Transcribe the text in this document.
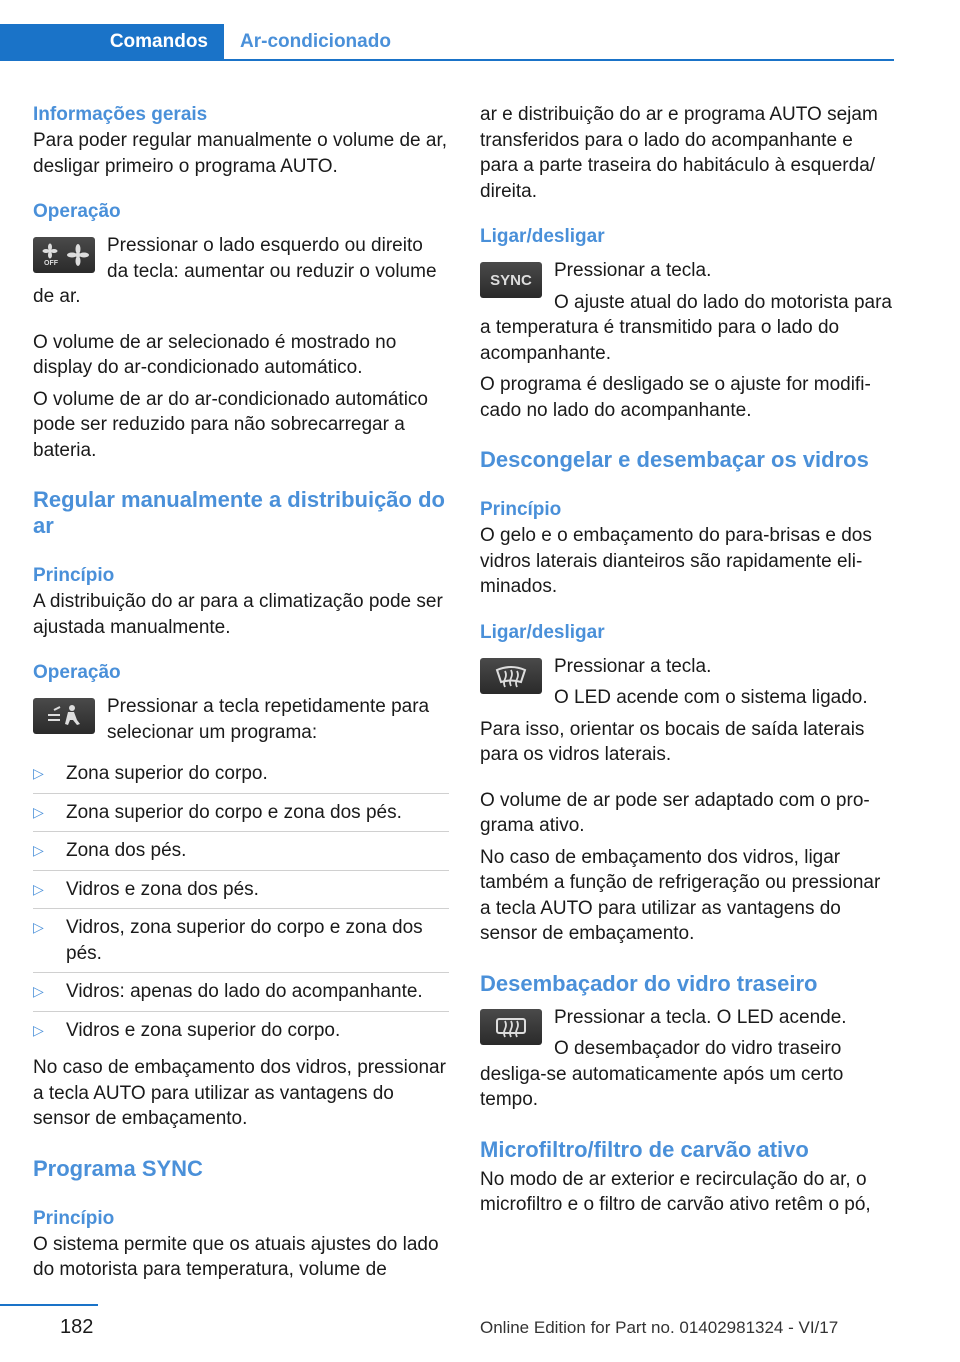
Comandos	Ar-condicionado

Informações gerais

Para poder regular manualmente o volume de ar, desligar primeiro o programa AUTO.

Operação

OFF

Pressionar o lado esquerdo ou direito da tecla: aumentar ou reduzir o volume de ar.

O volume de ar selecionado é mostrado no display do ar-condicionado automático.

O volume de ar do ar-condicionado automático pode ser reduzido para não sobrecarregar a bateria.

Regular manualmente a distribuição do ar

Princípio

A distribuição do ar para a climatização pode ser ajustada manualmente.

Operação

Pressionar a tecla repetidamente para selecionar um programa:

▷ Zona superior do corpo.
▷ Zona superior do corpo e zona dos pés.
▷ Zona dos pés.
▷ Vidros e zona dos pés.
▷ Vidros, zona superior do corpo e zona dos pés.
▷ Vidros: apenas do lado do acompanhante.
▷ Vidros e zona superior do corpo.

No caso de embaçamento dos vidros, pressionar a tecla AUTO para utilizar as vantagens do sensor de embaçamento.

Programa SYNC

Princípio

O sistema permite que os atuais ajustes do lado do motorista para temperatura, volume de

ar e distribuição do ar e programa AUTO sejam transferidos para o lado do acompanhante e para a parte traseira do habitáculo à esquerda/ direita.

Ligar/desligar

SYNC	Pressionar a tecla.

O ajuste atual do lado do motorista para a temperatura é transmitido para o lado do acompanhante.

O programa é desligado se o ajuste for modificado no lado do acompanhante.

Descongelar e desembaçar os vidros

Princípio

O gelo e o embaçamento do para-brisas e dos vidros laterais dianteiros são rapidamente eliminados.

Ligar/desligar

Pressionar a tecla.

O LED acende com o sistema ligado.

Para isso, orientar os bocais de saída laterais para os vidros laterais.

O volume de ar pode ser adaptado com o programa ativo.

No caso de embaçamento dos vidros, ligar também a função de refrigeração ou pressionar a tecla AUTO para utilizar as vantagens do sensor de embaçamento.

Desembaçador do vidro traseiro

Pressionar a tecla. O LED acende.

O desembaçador do vidro traseiro desliga-se automaticamente após um certo tempo.

Microfiltro/filtro de carvão ativo

No modo de ar exterior e recirculação do ar, o microfiltro e o filtro de carvão ativo retêm o pó,

182	Online Edition for Part no. 01402981324 - VI/17
